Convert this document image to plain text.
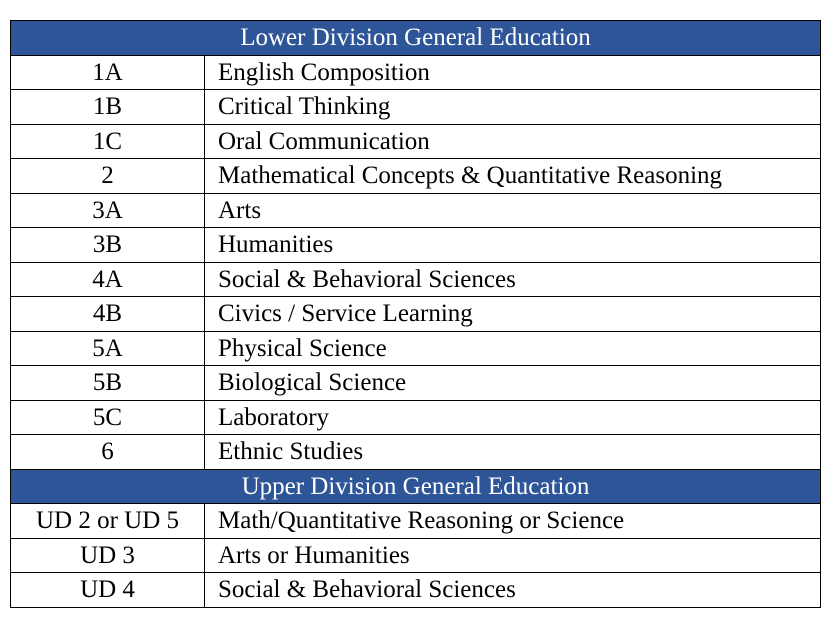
Lower Division General Education	
1A	English Composition
1B	Critical Thinking
1C	Oral Communication
2	Mathematical Concepts & Quantitative Reasoning
3A	Arts
3B	Humanities
4A	Social & Behavioral Sciences
4B	Civics / Service Learning
5A	Physical Science
5B	Biological Science
5C	Laboratory
6	Ethnic Studies
Upper Division General Education	
UD 2 or UD 5	Math/Quantitative Reasoning or Science
UD 3	Arts or Humanities
UD 4	Social & Behavioral Sciences
